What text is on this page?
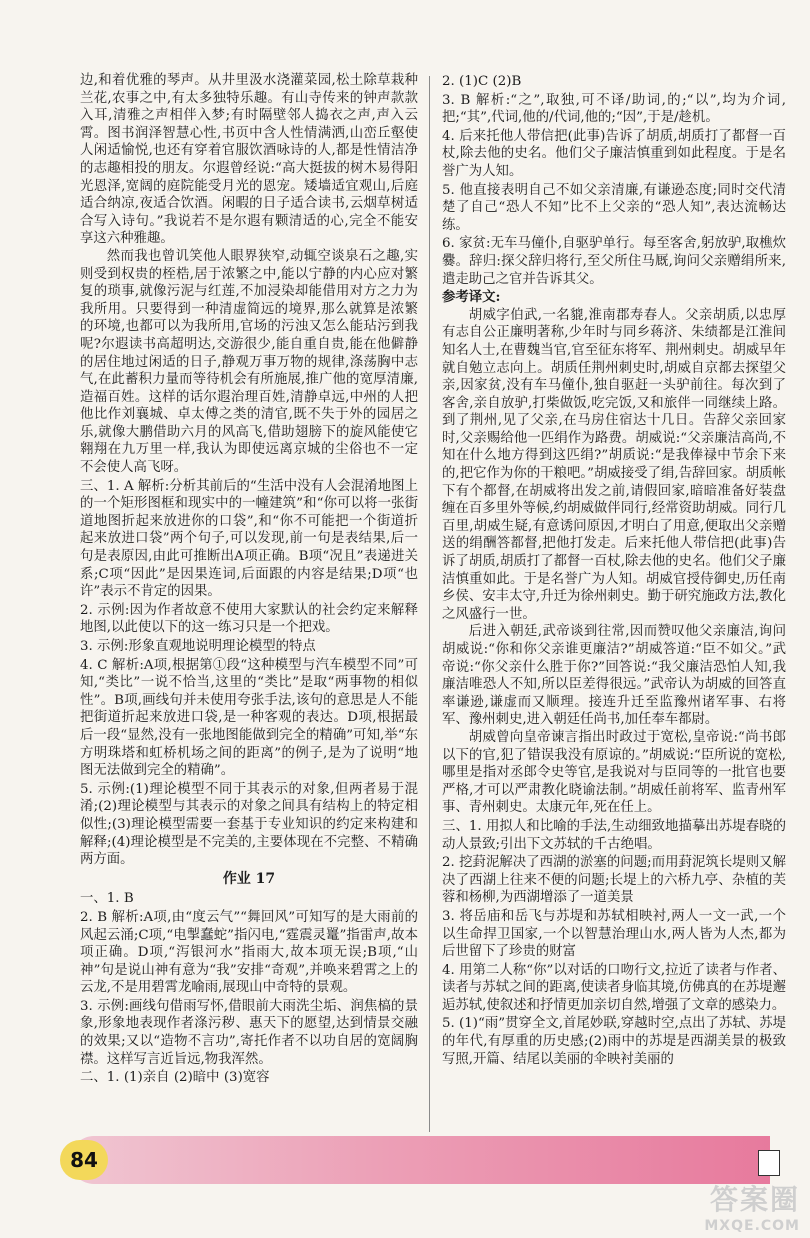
边,和着优雅的琴声。从井里汲水浇灌菜园,松土除草栽种兰花,农事之中,有太多独特乐趣。有山寺传来的钟声款款入耳,清雅之声相伴入梦;有时隔壁邻人捣衣之声,声入云霄。图书润泽智慧心性,书页中含人性情满洒,山峦丘壑使人闲适愉悦,也还有穿着官服饮酒咏诗的人,都是性情洁净的志趣相投的朋友。尔遐曾经说:“高大挺拔的树木易得阳光恩泽,宽阔的庭院能受月光的恩宠。矮墙适宜观山,后庭适合纳凉,夜适合饮酒。闲暇的日子适合读书,云烟草树适合写入诗句。”我说若不是尔遐有颗清适的心,完全不能安享这六种雅趣。

然而我也曾讥笑他人眼界狭窄,动辄空谈泉石之趣,实则受到权贵的桎梏,居于浓繁之中,能以宁静的内心应对繁复的琐事,就像污泥与红莲,不加浸染却能借用对方之力为我所用。只要得到一种清虚简远的境界,那么就算是浓繁的环境,也都可以为我所用,官场的污浊又怎么能玷污到我呢?尔遐读书高超明达,交游很少,能自重自贵,能在他僻静的居住地过闲适的日子,静观万事万物的规律,涤荡胸中志气,在此蓄积力量而等待机会有所施展,推广他的宽厚清廉,造福百姓。这样的话尔遐治理百姓,清静卓远,中州的人把他比作刘襄城、卓太傅之类的清官,既不失于外的园居之乐,就像大鹏借助六月的风高飞,借助翅膀下的旋风能使它翱翔在九万里一样,我认为即使远离京城的尘俗也不一定不会使人高飞呀。

三、1. A 解析:分析其前后的“生活中没有人会混淆地图上的一个矩形图框和现实中的一幢建筑”和“你可以将一张街道地图折起来放进你的口袋”,和“你不可能把一个街道折起来放进口袋”两个句子,可以发现,前一句是表结果,后一句是表原因,由此可推断出A项正确。B项“况且”表递进关系;C项“因此”是因果连词,后面跟的内容是结果;D项“也许”表示不肯定的因果。

2. 示例:因为作者故意不使用大家默认的社会约定来解释地图,以此使以下的这一练习只是一个把戏。

3. 示例:形象直观地说明理论模型的特点

4. C 解析:A项,根据第①段“这种模型与汽车模型不同”可知,“类比”一说不恰当,这里的“类比”是取“两事物的相似性”。B项,画线句并未使用夸张手法,该句的意思是人不能把街道折起来放进口袋,是一种客观的表达。D项,根据最后一段“显然,没有一张地图能做到完全的精确”可知,举“东方明珠塔和虹桥机场之间的距离”的例子,是为了说明“地图无法做到完全的精确”。

5. 示例:(1)理论模型不同于其表示的对象,但两者易于混淆;(2)理论模型与其表示的对象之间具有结构上的特定相似性;(3)理论模型需要一套基于专业知识的约定来构建和解释;(4)理论模型是不完美的,主要体现在不完整、不精确两方面。

作业 17

一、1. B

2. B 解析:A项,由“度云气”“舞回风”可知写的是大雨前的风起云涌;C项,“电掣蠢蛇”指闪电,“霆震灵鼍”指雷声,故本项正确。D项,“泻银河水”指雨大,故本项无误;B项,“山神”句是说山神有意为“我”安排“奇观”,并唤来碧霄之上的云龙,不是用碧霄龙喻雨,展现山中奇特的景观。

3. 示例:画线句借雨写怀,借眼前大雨洗尘垢、润焦槁的景象,形象地表现作者涤污秽、惠天下的愿望,达到情景交融的效果;又以“造物不言功”,寄托作者不以功自居的宽阔胸襟。这样写言近旨远,物我浑然。

二、1. (1)亲自 (2)暗中 (3)宽容

2. (1)C (2)B

3. B 解析:“之”,取独,可不译/助词,的;“以”,均为介词,把;“其”,代词,他的/代词,他的;“因”,于是/趁机。

4. 后来托他人带信把(此事)告诉了胡质,胡质打了都督一百杖,除去他的史名。他们父子廉洁慎重到如此程度。于是名誉广为人知。

5. 他直接表明自己不如父亲清廉,有谦逊态度;同时交代清楚了自己“恐人不知”比不上父亲的“恐人知”,表达流畅达练。

6. 家贫:无车马僮仆,自驱驴单行。每至客舍,躬放驴,取樵炊爨。辞归:探父辞归将行,至父所住马厩,询问父亲赠绢所来,遣走助己之官并告诉其父。

参考译文:

胡威字伯武,一名貔,淮南郡寿春人。父亲胡质,以忠厚有志自公正廉明著称,少年时与同乡蒋济、朱绩都是江淮间知名人士,在曹魏当官,官至征东将军、荆州刺史。胡威早年就自勉立志向上。胡质任荆州刺史时,胡威自京都去探望父亲,因家贫,没有车马僮仆,独自驱赶一头驴前往。每次到了客舍,亲自放驴,打柴做饭,吃完饭,又和旅伴一同继续上路。到了荆州,见了父亲,在马房住宿达十几日。告辞父亲回家时,父亲赐给他一匹绢作为路费。胡威说:“父亲廉洁高尚,不知在什么地方得到这匹绢?”胡质说:“是我俸禄中节余下来的,把它作为你的干粮吧。”胡威接受了绢,告辞回家。胡质帐下有个都督,在胡威将出发之前,请假回家,暗暗准备好装盘缠在百多里外等候,约胡威做伴同行,经常资助胡威。同行几百里,胡威生疑,有意诱问原因,才明白了用意,便取出父亲赠送的绢酬答都督,把他打发走。后来托他人带信把(此事)告诉了胡质,胡质打了都督一百杖,除去他的史名。他们父子廉洁慎重如此。于是名誉广为人知。胡威官授侍御史,历任南乡侯、安丰太守,升迁为徐州刺史。勤于研究施政方法,教化之风盛行一世。

后进入朝廷,武帝谈到往常,因而赞叹他父亲廉洁,询问胡威说:“你和你父亲谁更廉洁?”胡威答道:“臣不如父。”武帝说:“你父亲什么胜于你?”回答说:“我父廉洁恐怕人知,我廉洁唯恐人不知,所以臣差得很远。”武帝认为胡威的回答直率谦逊,谦虚而又顺理。接连升迁至监豫州诸军事、右将军、豫州刺史,进入朝廷任尚书,加任奉车都尉。

胡威曾向皇帝谏言指出时政过于宽松,皇帝说:“尚书郎以下的官,犯了错误我没有原谅的。”胡威说:“臣所说的宽松,哪里是指对丞郎令史等官,是我说对与臣同等的一批官也要严格,才可以严肃教化晓谕法制。”胡威任前将军、监青州军事、青州刺史。太康元年,死在任上。

三、1. 用拟人和比喻的手法,生动细致地描摹出苏堤春晓的动人景致;引出下文苏轼的千古绝唱。

2. 挖葑泥解决了西湖的淤塞的问题;而用葑泥筑长堤则又解决了西湖上往来不便的问题;长堤上的六桥九亭、杂植的芙蓉和杨柳,为西湖增添了一道美景

3. 将岳庙和岳飞与苏堤和苏轼相映衬,两人一文一武,一个以生命捍卫国家,一个以智慧治理山水,两人皆为人杰,都为后世留下了珍贵的财富

4. 用第二人称“你”以对话的口吻行文,拉近了读者与作者、读者与苏轼之间的距离,使读者身临其境,仿佛真的在苏堤邂逅苏轼,使叙述和抒情更加亲切自然,增强了文章的感染力。

5. (1)“雨”贯穿全文,首尾妙联,穿越时空,点出了苏轼、苏堤的年代,有厚重的历史感;(2)雨中的苏堤是西湖美景的极致写照,开篇、结尾以美丽的伞映衬美丽的

84
答案圈
MXQE.COM
